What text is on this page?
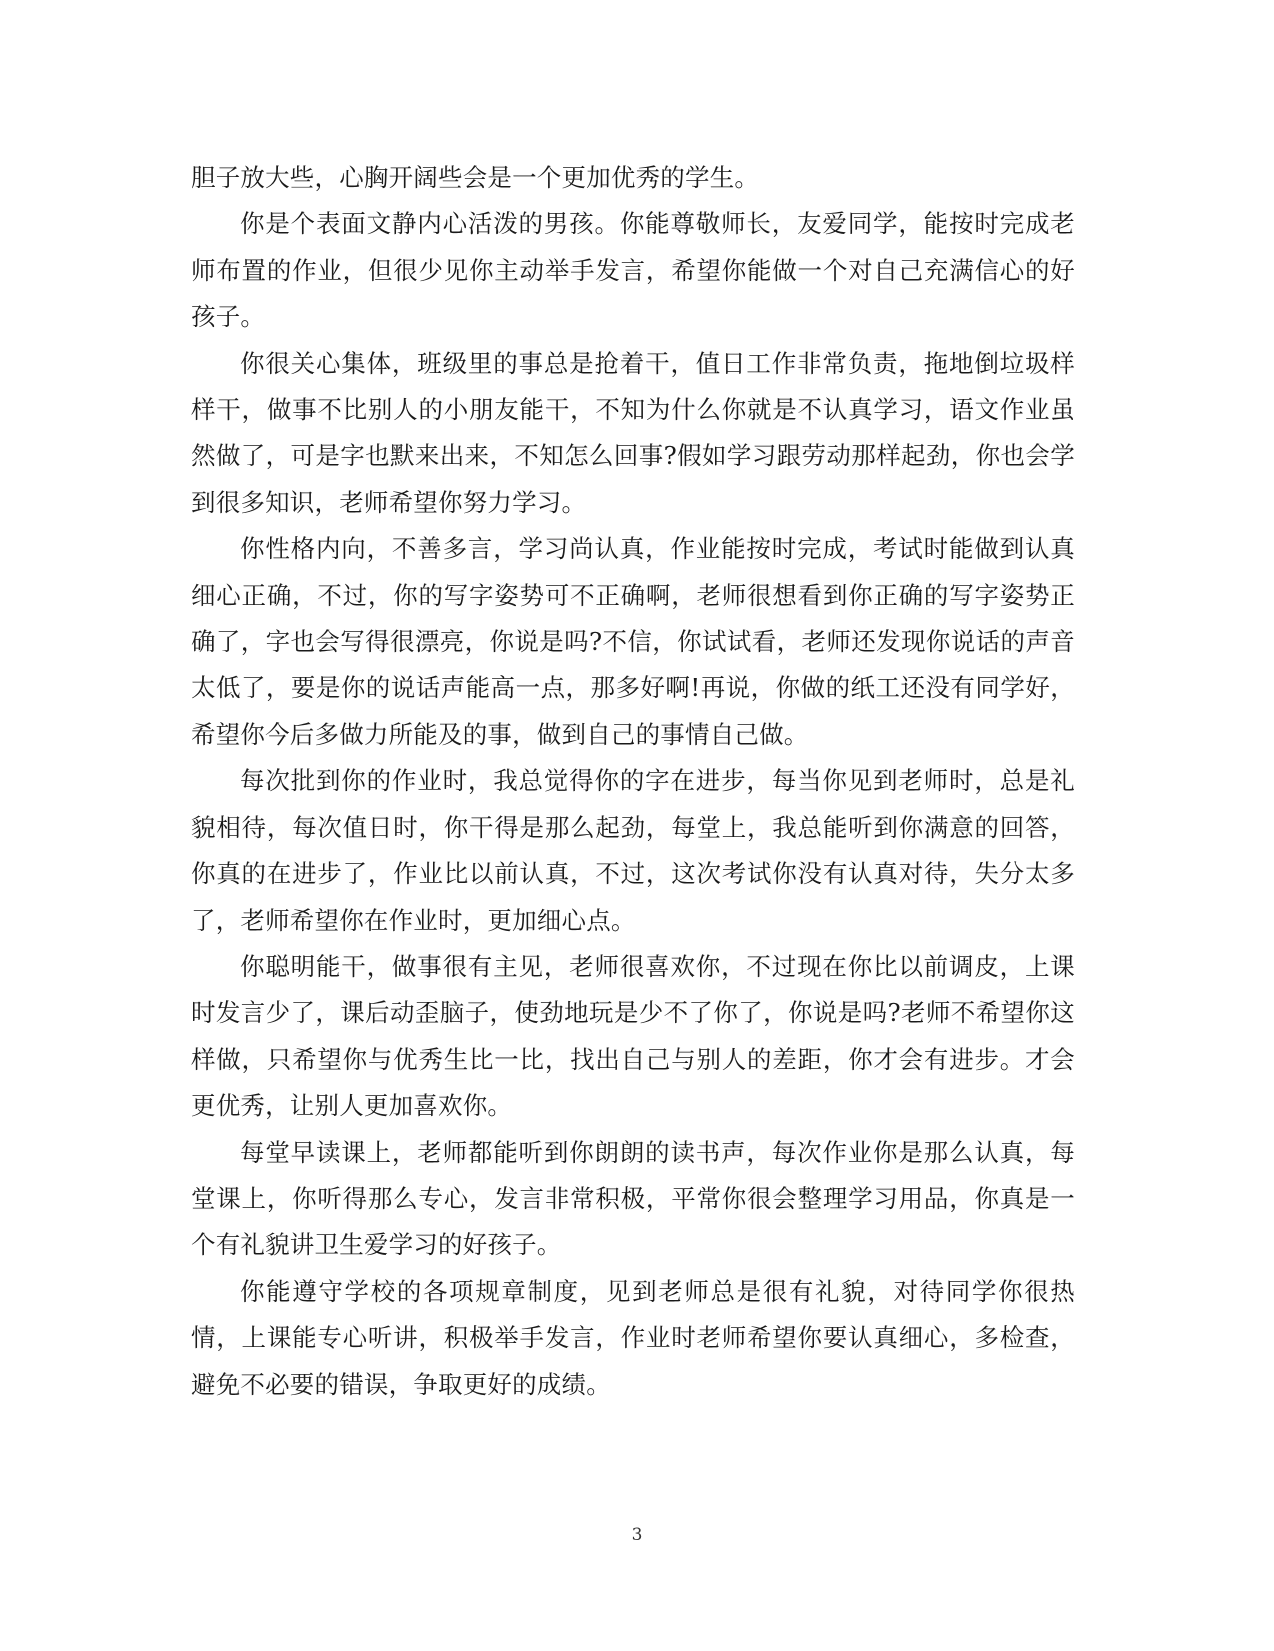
胆子放大些，心胸开阔些会是一个更加优秀的学生。

你是个表面文静内心活泼的男孩。你能尊敬师长，友爱同学，能按时完成老师布置的作业，但很少见你主动举手发言，希望你能做一个对自己充满信心的好孩子。

你很关心集体，班级里的事总是抢着干，值日工作非常负责，拖地倒垃圾样样干，做事不比别人的小朋友能干，不知为什么你就是不认真学习，语文作业虽然做了，可是字也默来出来，不知怎么回事?假如学习跟劳动那样起劲，你也会学到很多知识，老师希望你努力学习。

你性格内向，不善多言，学习尚认真，作业能按时完成，考试时能做到认真细心正确，不过，你的写字姿势可不正确啊，老师很想看到你正确的写字姿势正确了，字也会写得很漂亮，你说是吗?不信，你试试看，老师还发现你说话的声音太低了，要是你的说话声能高一点，那多好啊!再说，你做的纸工还没有同学好，希望你今后多做力所能及的事，做到自己的事情自己做。

每次批到你的作业时，我总觉得你的字在进步，每当你见到老师时，总是礼貌相待，每次值日时，你干得是那么起劲，每堂上，我总能听到你满意的回答，你真的在进步了，作业比以前认真，不过，这次考试你没有认真对待，失分太多了，老师希望你在作业时，更加细心点。

你聪明能干，做事很有主见，老师很喜欢你，不过现在你比以前调皮，上课时发言少了，课后动歪脑子，使劲地玩是少不了你了，你说是吗?老师不希望你这样做，只希望你与优秀生比一比，找出自己与别人的差距，你才会有进步。才会更优秀，让别人更加喜欢你。

每堂早读课上，老师都能听到你朗朗的读书声，每次作业你是那么认真，每堂课上，你听得那么专心，发言非常积极，平常你很会整理学习用品，你真是一个有礼貌讲卫生爱学习的好孩子。

你能遵守学校的各项规章制度，见到老师总是很有礼貌，对待同学你很热情，上课能专心听讲，积极举手发言，作业时老师希望你要认真细心，多检查，避免不必要的错误，争取更好的成绩。

3
